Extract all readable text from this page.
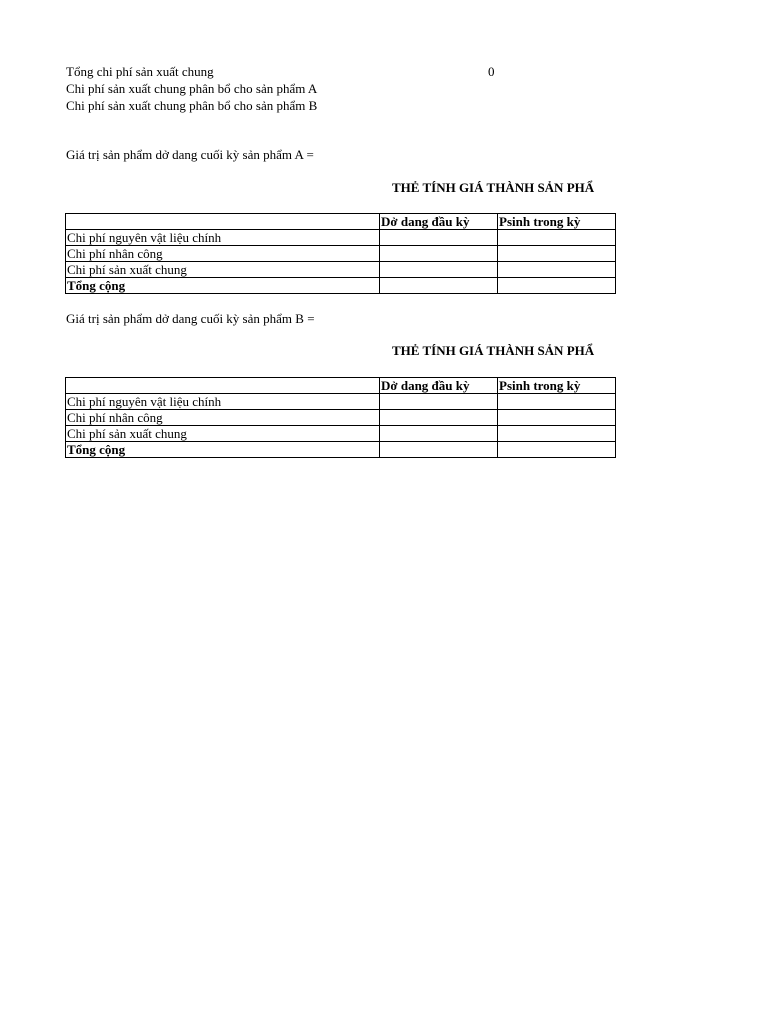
Tổng chi phí sản xuất chung	0
Chi phí sản xuất chung phân bổ cho sản phẩm A
Chi phí sản xuất chung phân bổ cho sản phẩm B
Giá trị sản phẩm dở dang cuối kỳ sản phẩm A =
THẺ TÍNH GIÁ THÀNH SẢN PHẨ
	Dở dang đầu kỳ	Psinh trong kỳ
Chi phí nguyên vật liệu chính		
Chi phí nhân công		
Chi phí sản xuất chung		
Tổng cộng		
Giá trị sản phẩm dở dang cuối kỳ sản phẩm B =
THẺ TÍNH GIÁ THÀNH SẢN PHẨ
	Dở dang đầu kỳ	Psinh trong kỳ
Chi phí nguyên vật liệu chính		
Chi phí nhân công		
Chi phí sản xuất chung		
Tổng cộng		
